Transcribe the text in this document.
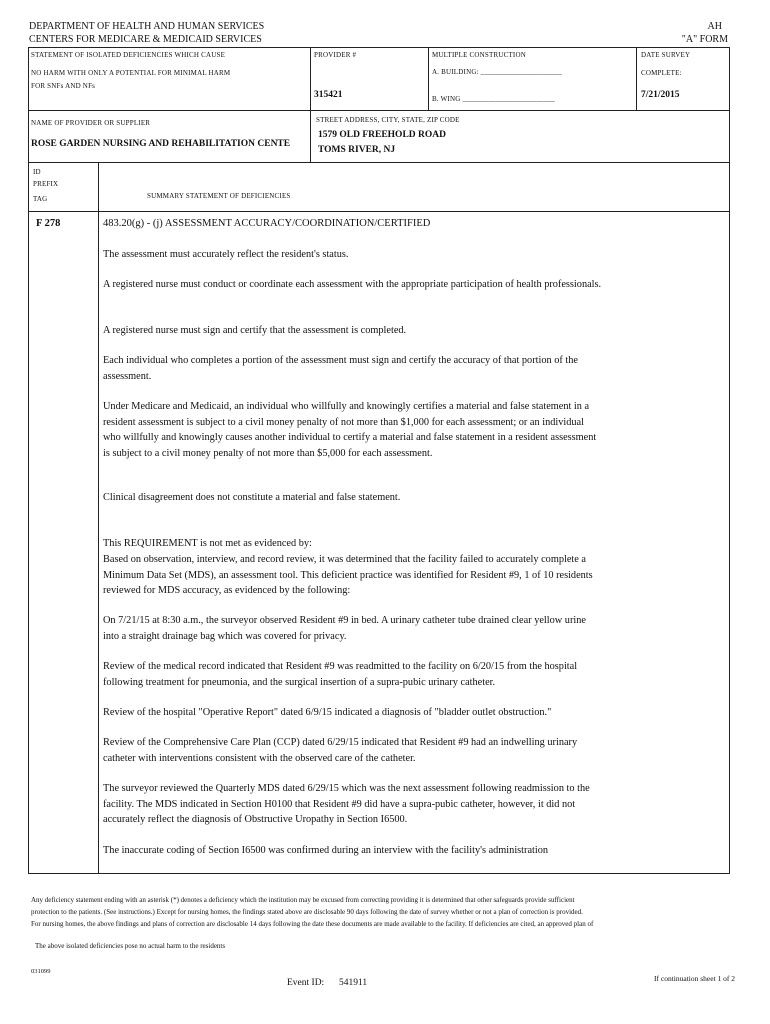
DEPARTMENT OF HEALTH AND HUMAN SERVICES
CENTERS FOR MEDICARE & MEDICAID SERVICES
AH
"A" FORM
STATEMENT OF ISOLATED DEFICIENCIES WHICH CAUSE
NO HARM WITH ONLY A POTENTIAL FOR MINIMAL HARM
FOR SNFs AND NFs
PROVIDER #
315421
MULTIPLE CONSTRUCTION
A. BUILDING: ______________________
B. WING _________________________
DATE SURVEY
COMPLETE:
7/21/2015
NAME OF PROVIDER OR SUPPLIER
ROSE GARDEN NURSING AND REHABILITATION CENTE
STREET ADDRESS, CITY, STATE, ZIP CODE
1579 OLD FREEHOLD ROAD
TOMS RIVER, NJ
ID
PREFIX
TAG	SUMMARY STATEMENT OF DEFICIENCIES
F 278	483.20(g) - (j) ASSESSMENT ACCURACY/COORDINATION/CERTIFIED
The assessment must accurately reflect the resident's status.
A registered nurse must conduct or coordinate each assessment with the appropriate participation of health professionals.
A registered nurse must sign and certify that the assessment is completed.
Each individual who completes a portion of the assessment must sign and certify the accuracy of that portion of the assessment.
Under Medicare and Medicaid, an individual who willfully and knowingly certifies a material and false statement in a resident assessment is subject to a civil money penalty of not more than $1,000 for each assessment; or an individual who willfully and knowingly causes another individual to certify a material and false statement in a resident assessment is subject to a civil money penalty of not more than $5,000 for each assessment.
Clinical disagreement does not constitute a material and false statement.
This REQUIREMENT is not met as evidenced by:
Based on observation, interview, and record review, it was determined that the facility failed to accurately complete a Minimum Data Set (MDS), an assessment tool. This deficient practice was identified for Resident #9, 1 of 10 residents reviewed for MDS accuracy, as evidenced by the following:
On 7/21/15 at 8:30 a.m., the surveyor observed Resident #9 in bed. A urinary catheter tube drained clear yellow urine into a straight drainage bag which was covered for privacy.
Review of the medical record indicated that Resident #9 was readmitted to the facility on 6/20/15 from the hospital following treatment for pneumonia, and the surgical insertion of a supra-pubic urinary catheter.
Review of the hospital "Operative Report" dated 6/9/15 indicated a diagnosis of "bladder outlet obstruction."
Review of the Comprehensive Care Plan (CCP) dated 6/29/15 indicated that Resident #9 had an indwelling urinary catheter with interventions consistent with the observed care of the catheter.
The surveyor reviewed the Quarterly MDS dated 6/29/15 which was the next assessment following readmission to the facility. The MDS indicated in Section H0100 that Resident #9 did have a supra-pubic catheter, however, it did not accurately reflect the diagnosis of Obstructive Uropathy in Section I6500.
The inaccurate coding of Section I6500 was confirmed during an interview with the facility's administration
Any deficiency statement ending with an asterisk (*) denotes a deficiency which the institution may be excused from correcting providing it is determined that other safeguards provide sufficient
protection to the patients. (See instructions.) Except for nursing homes, the findings stated above are disclosable 90 days following the date of survey whether or not a plan of correction is provided.
For nursing homes, the above findings and plans of correction are disclosable 14 days following the date these documents are made available to the facility. If deficiencies are cited, an approved plan of
The above isolated deficiencies pose no actual harm to the residents
031099
Event ID: 541911	If continuation sheet 1 of 2
